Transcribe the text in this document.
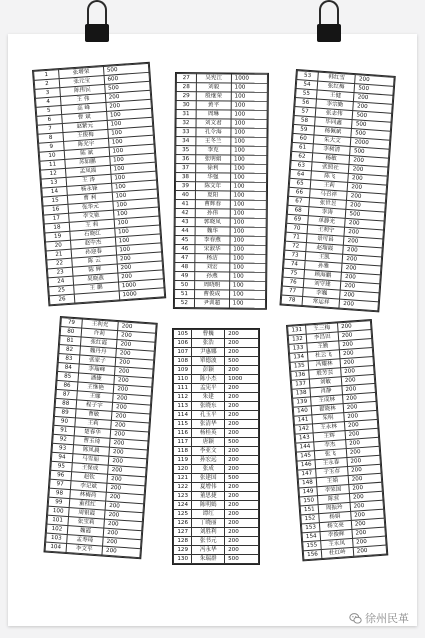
1	张增荣	500
2	张元宝	600
3	陈伟民	500
4	王 伟	200
5	高 峰	200
6	曹 斌	100
7	赵紫元	100
8	王俊梅	100
9	陈光宇	100
10	陈 斌	100
11	苏如鹏	100
12	孟凤霞	100
13	王 涛	100
14	杨永锋	100
15	曹 利	100
16	张华元	100
17	李文艳	100
18	王 莉	100
19	石晓红	100
20	赵中杰	100
21	孙迎春	100
22	陈 云	200
23	陈 辉	200
24	吴晓燕	200
25	王 鹏	1000
26		1000
27	吴宪江	1000
28	刘毅	100
29	殷继荣	100
30	黄平	100
31	周琳	100
32	刘文君	100
33	孔令海	100
34	王冬兰	100
35	李克	100
36	张明娟	100
37	徐利	100
38	华强	100
39	陈文年	100
40	夏阳	100
41	曹辉春	100
42	孙伟	100
43	郭晓凤	100
44	魏华	100
45	李春燕	100
46	宋淑华	100
47	杨洁	100
48	刘宏	100
49	孙燕	100
50	周晓明	100
51	曹俊成	100
52	尹训超	100
53	韩红雪	200
54	张红梅	500
55	王健	200
56	李宗勤	200
57	张志伟	500
58	毕同鑫	500
59	杨佩斌	500
60	朱大文	2000
61	李树清	500
62	杨敏	200
63	张照社	200
64	陈飞	200
65	王莉	200
66	马召祥	200
67	张世昱	200
68	李涛	500
69	单静光	200
70	王利宁	200
71	景可昌	200
72	赵瑞霞	200
73	王凯	200
74	孙雅	200
75	顾海鹏	200
76	刘守建	200
77	李巍	200
78	常运祥	200
79	王利光	200
80	许莉	200
81	张红霞	200
82	魏丹丹	200
83	张家子	200
84	李瑞峰	200
85	潘捷	200
86	王继艳	200
87	王娜	200
88	程子宇	200
89	曹敏	200
90	王莉	200
91	楚春华	200
92	曹玉琦	200
93	陈凤晨	200
94	马雪丽	200
95	王保成	200
96	赵钦	200
97	李记斌	200
98	林梅荷	200
99	董桂红	200
100	周银霞	200
101	张宝莉	200
102	魏霞	200
103	孟寿琦	200
104	李文平	200
105	曹巍	200
106	张浩	200
107	尹惠娜	200
108	單德波	500
109	彭颖	200
110	陈小杰	1000
111	孟宪平	200
112	朱建	200
113	张晓东	200
114	孔玉平	200
115	张清华	200
116	杨桂英	200
117	唐颖	500
118	李亚文	200
119	孙宏远	200
120	张成	200
121	张建国	500
122	夏增伟	200
123	董思捷	200
124	陈明嫣	200
125	谭红	200
126	丁晓丽	200
127	刘胜利	200
128	张书元	200
129	冯永华	200
130	朱瑞群	500
131	王三梅	200
132	李昌田	200
133	王勤	200
134	杜云飞	200
135	冯耀林	200
136	殷芳芸	200
137	刘敏	200
138	肖静	200
139	王成林	200
140	翟晓林	200
141	朱明	200
142	王永林	200
143	王辉	200
144	李杰	200
145	张飞	200
146	王永春	200
147	于玉存	200
148	王娟	200
149	李荣国	200
150	陈营	200
151	周振玲	200
152	杨娟	200
153	杨文亮	200
154	李俊辉	200
155	王永凤	200
156	杜红岭	200
徐州民革
